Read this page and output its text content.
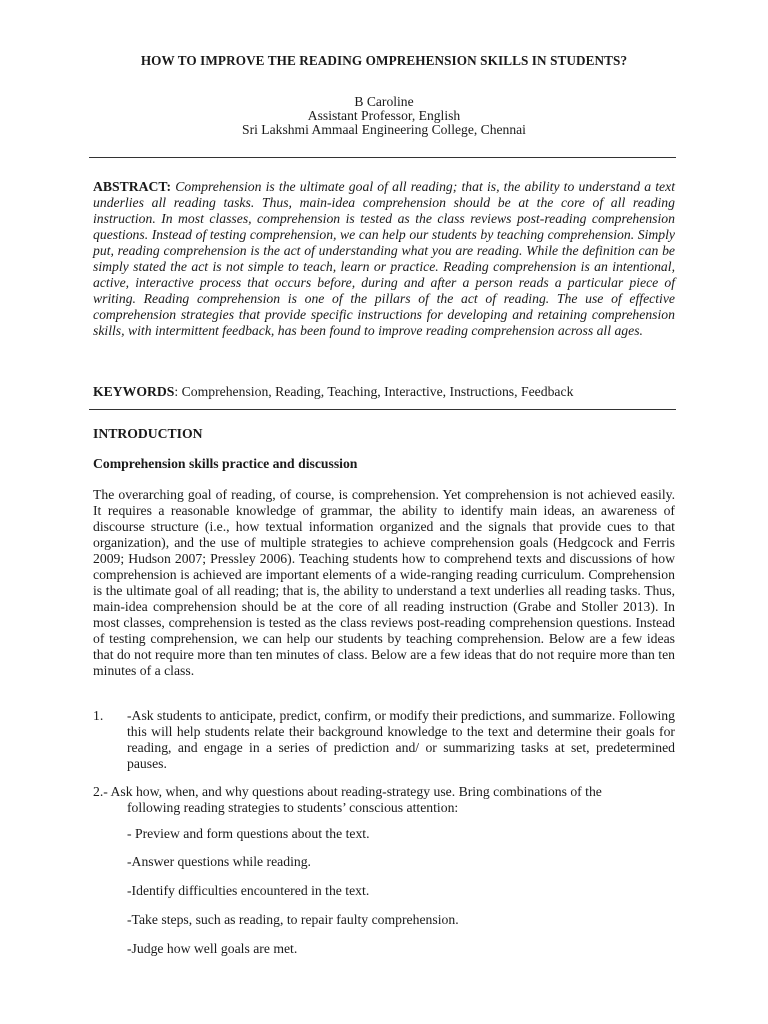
HOW TO IMPROVE THE READING OMPREHENSION SKILLS IN STUDENTS?
B Caroline
Assistant Professor, English
Sri Lakshmi Ammaal Engineering College, Chennai
ABSTRACT: Comprehension is the ultimate goal of all reading; that is, the ability to understand a text underlies all reading tasks. Thus, main-idea comprehension should be at the core of all reading instruction. In most classes, comprehension is tested as the class reviews post-reading comprehension questions. Instead of testing comprehension, we can help our students by teaching comprehension. Simply put, reading comprehension is the act of understanding what you are reading. While the definition can be simply stated the act is not simple to teach, learn or practice. Reading comprehension is an intentional, active, interactive process that occurs before, during and after a person reads a particular piece of writing. Reading comprehension is one of the pillars of the act of reading. The use of effective comprehension strategies that provide specific instructions for developing and retaining comprehension skills, with intermittent feedback, has been found to improve reading comprehension across all ages.
KEYWORDS: Comprehension, Reading, Teaching, Interactive, Instructions, Feedback
INTRODUCTION
Comprehension skills practice and discussion
The overarching goal of reading, of course, is comprehension. Yet comprehension is not achieved easily. It requires a reasonable knowledge of grammar, the ability to identify main ideas, an awareness of discourse structure (i.e., how textual information organized and the signals that provide cues to that organization), and the use of multiple strategies to achieve comprehension goals (Hedgcock and Ferris 2009; Hudson 2007; Pressley 2006). Teaching students how to comprehend texts and discussions of how comprehension is achieved are important elements of a wide-ranging reading curriculum. Comprehension is the ultimate goal of all reading; that is, the ability to understand a text underlies all reading tasks. Thus, main-idea comprehension should be at the core of all reading instruction (Grabe and Stoller 2013). In most classes, comprehension is tested as the class reviews post-reading comprehension questions. Instead of testing comprehension, we can help our students by teaching comprehension. Below are a few ideas that do not require more than ten minutes of class. Below are a few ideas that do not require more than ten minutes of a class.
1. -Ask students to anticipate, predict, confirm, or modify their predictions, and summarize. Following this will help students relate their background knowledge to the text and determine their goals for reading, and engage in a series of prediction and/ or summarizing tasks at set, predetermined pauses.
2.- Ask how, when, and why questions about reading-strategy use. Bring combinations of the
following reading strategies to students’ conscious attention:
- Preview and form questions about the text.
-Answer questions while reading.
-Identify difficulties encountered in the text.
-Take steps, such as reading, to repair faulty comprehension.
-Judge how well goals are met.
